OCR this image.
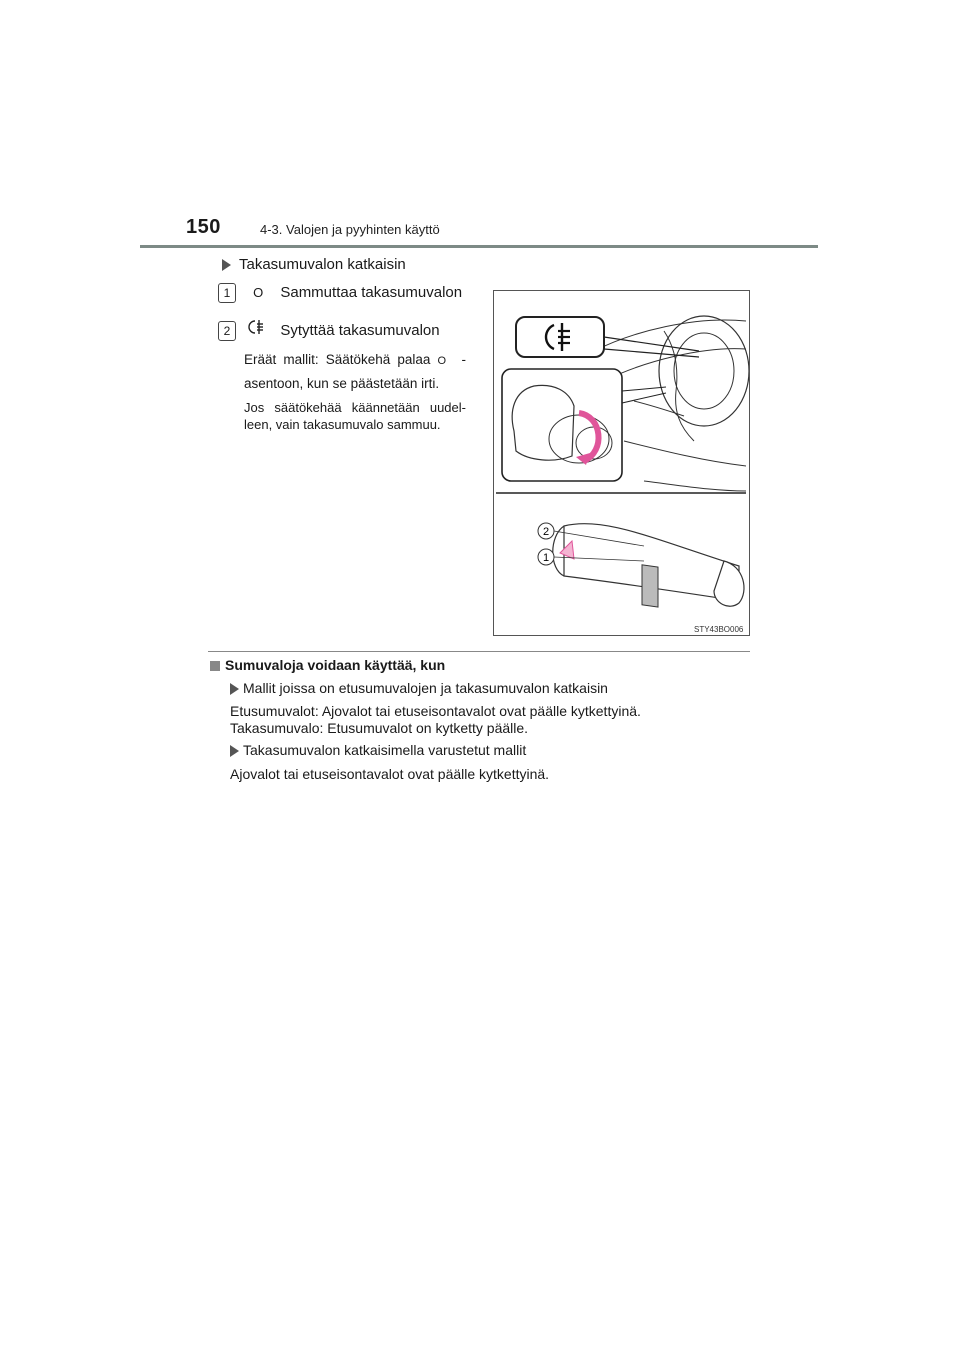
150	4-3. Valojen ja pyyhinten käyttö
Takasumuvalon katkaisin
1 O Sammuttaa takasumuvalon
2	Sytyttää takasumuvalon
Eräät mallit: Säätökehä palaa O -
asentoon, kun se päästetään irti.
Jos säätökehää käännetään uudel-
leen, vain takasumuvalo sammuu.
2
1
STY43BO006
Sumuvaloja voidaan käyttää, kun
Mallit joissa on etusumuvalojen ja takasumuvalon katkaisin
Etusumuvalot: Ajovalot tai etuseisontavalot ovat päälle kytkettyinä.
Takasumuvalo: Etusumuvalot on kytketty päälle.
Takasumuvalon katkaisimella varustetut mallit
Ajovalot tai etuseisontavalot ovat päälle kytkettyinä.
